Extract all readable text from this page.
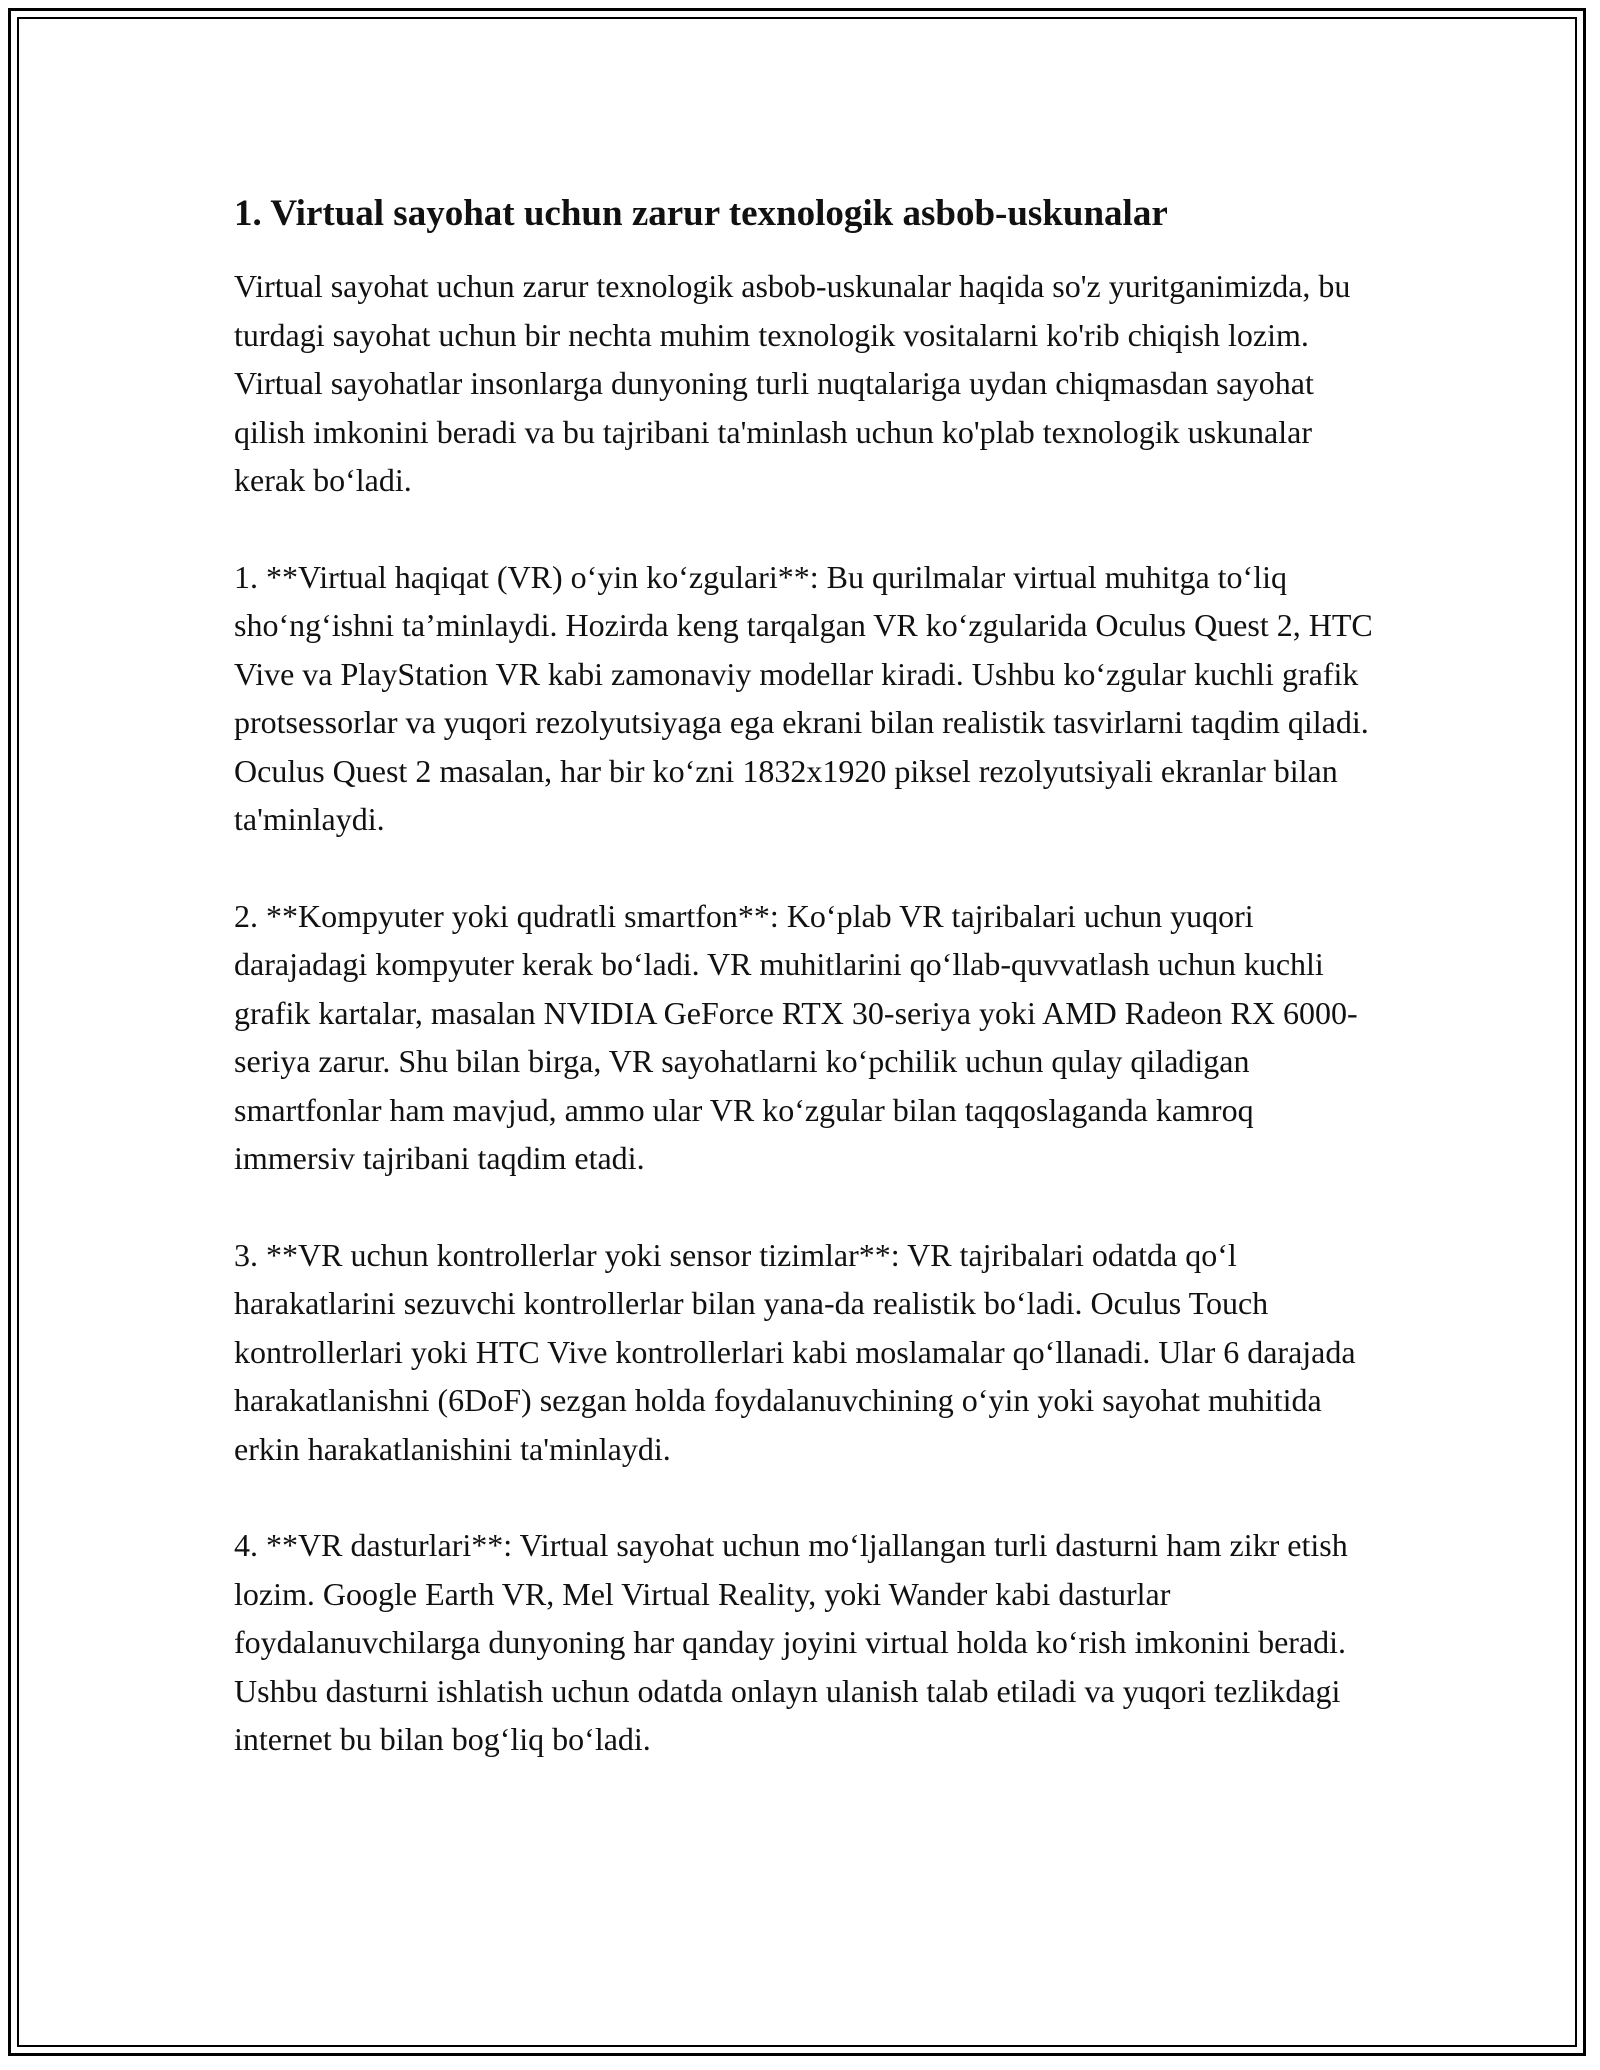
1. Virtual sayohat uchun zarur texnologik asbob-uskunalar

Virtual sayohat uchun zarur texnologik asbob-uskunalar haqida so'z yuritganimizda, bu turdagi sayohat uchun bir nechta muhim texnologik vositalarni ko'rib chiqish lozim. Virtual sayohatlar insonlarga dunyoning turli nuqtalariga uydan chiqmasdan sayohat qilish imkonini beradi va bu tajribani ta'minlash uchun ko'plab texnologik uskunalar kerak bo‘ladi.

1. **Virtual haqiqat (VR) o‘yin ko‘zgulari**: Bu qurilmalar virtual muhitga to‘liq sho‘ng‘ishni ta’minlaydi. Hozirda keng tarqalgan VR ko‘zgularida Oculus Quest 2, HTC Vive va PlayStation VR kabi zamonaviy modellar kiradi. Ushbu ko‘zgular kuchli grafik protsessorlar va yuqori rezolyutsiyaga ega ekrani bilan realistik tasvirlarni taqdim qiladi. Oculus Quest 2 masalan, har bir ko‘zni 1832x1920 piksel rezolyutsiyali ekranlar bilan ta'minlaydi.

2. **Kompyuter yoki qudratli smartfon**: Ko‘plab VR tajribalari uchun yuqori darajadagi kompyuter kerak bo‘ladi. VR muhitlarini qo‘llab-quvvatlash uchun kuchli grafik kartalar, masalan NVIDIA GeForce RTX 30-seriya yoki AMD Radeon RX 6000-seriya zarur. Shu bilan birga, VR sayohatlarni ko‘pchilik uchun qulay qiladigan smartfonlar ham mavjud, ammo ular VR ko‘zgular bilan taqqoslaganda kamroq immersiv tajribani taqdim etadi.

3. **VR uchun kontrollerlar yoki sensor tizimlar**: VR tajribalari odatda qo‘l harakatlarini sezuvchi kontrollerlar bilan yana-da realistik bo‘ladi. Oculus Touch kontrollerlari yoki HTC Vive kontrollerlari kabi moslamalar qo‘llanadi. Ular 6 darajada harakatlanishni (6DoF) sezgan holda foydalanuvchining o‘yin yoki sayohat muhitida erkin harakatlanishini ta'minlaydi.

4. **VR dasturlari**: Virtual sayohat uchun mo‘ljallangan turli dasturni ham zikr etish lozim. Google Earth VR, Mel Virtual Reality, yoki Wander kabi dasturlar foydalanuvchilarga dunyoning har qanday joyini virtual holda ko‘rish imkonini beradi. Ushbu dasturni ishlatish uchun odatda onlayn ulanish talab etiladi va yuqori tezlikdagi internet bu bilan bog‘liq bo‘ladi.
